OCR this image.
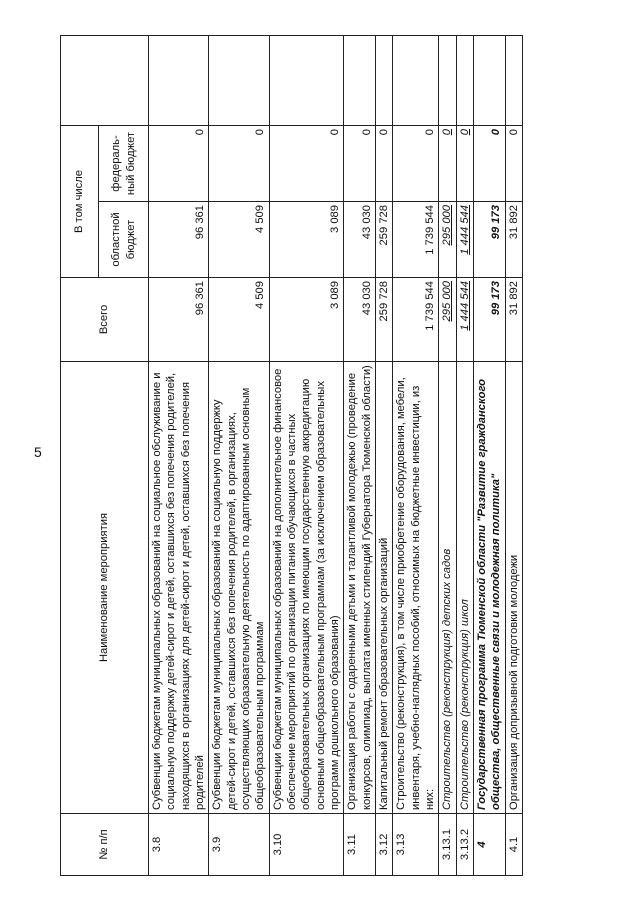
5
№ п/п	Наименование мероприятия	Всего	В том числе		
			областной бюджет	федераль-ный бюджет	
3.8	Субвенции бюджетам муниципальных образований на социальное обслуживание и социальную поддержку детей-сирот и детей, оставшихся без попечения родителей, находящихся в организациях для детей-сирот и детей, оставшихся без попечения родителей	96 361	96 361	0	
3.9	Субвенции бюджетам муниципальных образований на социальную поддержку детей-сирот и детей, оставшихся без попечения родителей, в организациях, осуществляющих образовательную деятельность по адаптированным основным общеобразовательным программам	4 509	4 509	0	
3.10	Субвенции бюджетам муниципальных образований на дополнительное финансовое обеспечение мероприятий по организации питания обучающихся в частных общеобразовательных организациях по имеющим государственную аккредитацию основным общеобразовательным программам (за исключением образовательных программ дошкольного образования)	3 089	3 089	0	
3.11	Организация работы с одаренными детьми и талантливой молодежью (проведение конкурсов, олимпиад, выплата именных стипендий Губернатора Тюменской области)	43 030	43 030	0	
3.12	Капитальный ремонт образовательных организаций	259 728	259 728	0	
3.13	Строительство (реконструкция), в том числе приобретение оборудования, мебели, инвентаря, учебно-наглядных пособий, относимых на бюджетные инвестиции, из них:	1 739 544	1 739 544	0	
3.13.1	Строительство (реконструкция) детских садов	295 000	295 000	0	
3.13.2	Строительство (реконструкция) школ	1 444 544	1 444 544	0	
4	Государственная программа Тюменской области "Развитие гражданского общества, общественные связи и молодежная политика"	99 173	99 173	0	
4.1	Организация допризывной подготовки молодежи	31 892	31 892	0	
